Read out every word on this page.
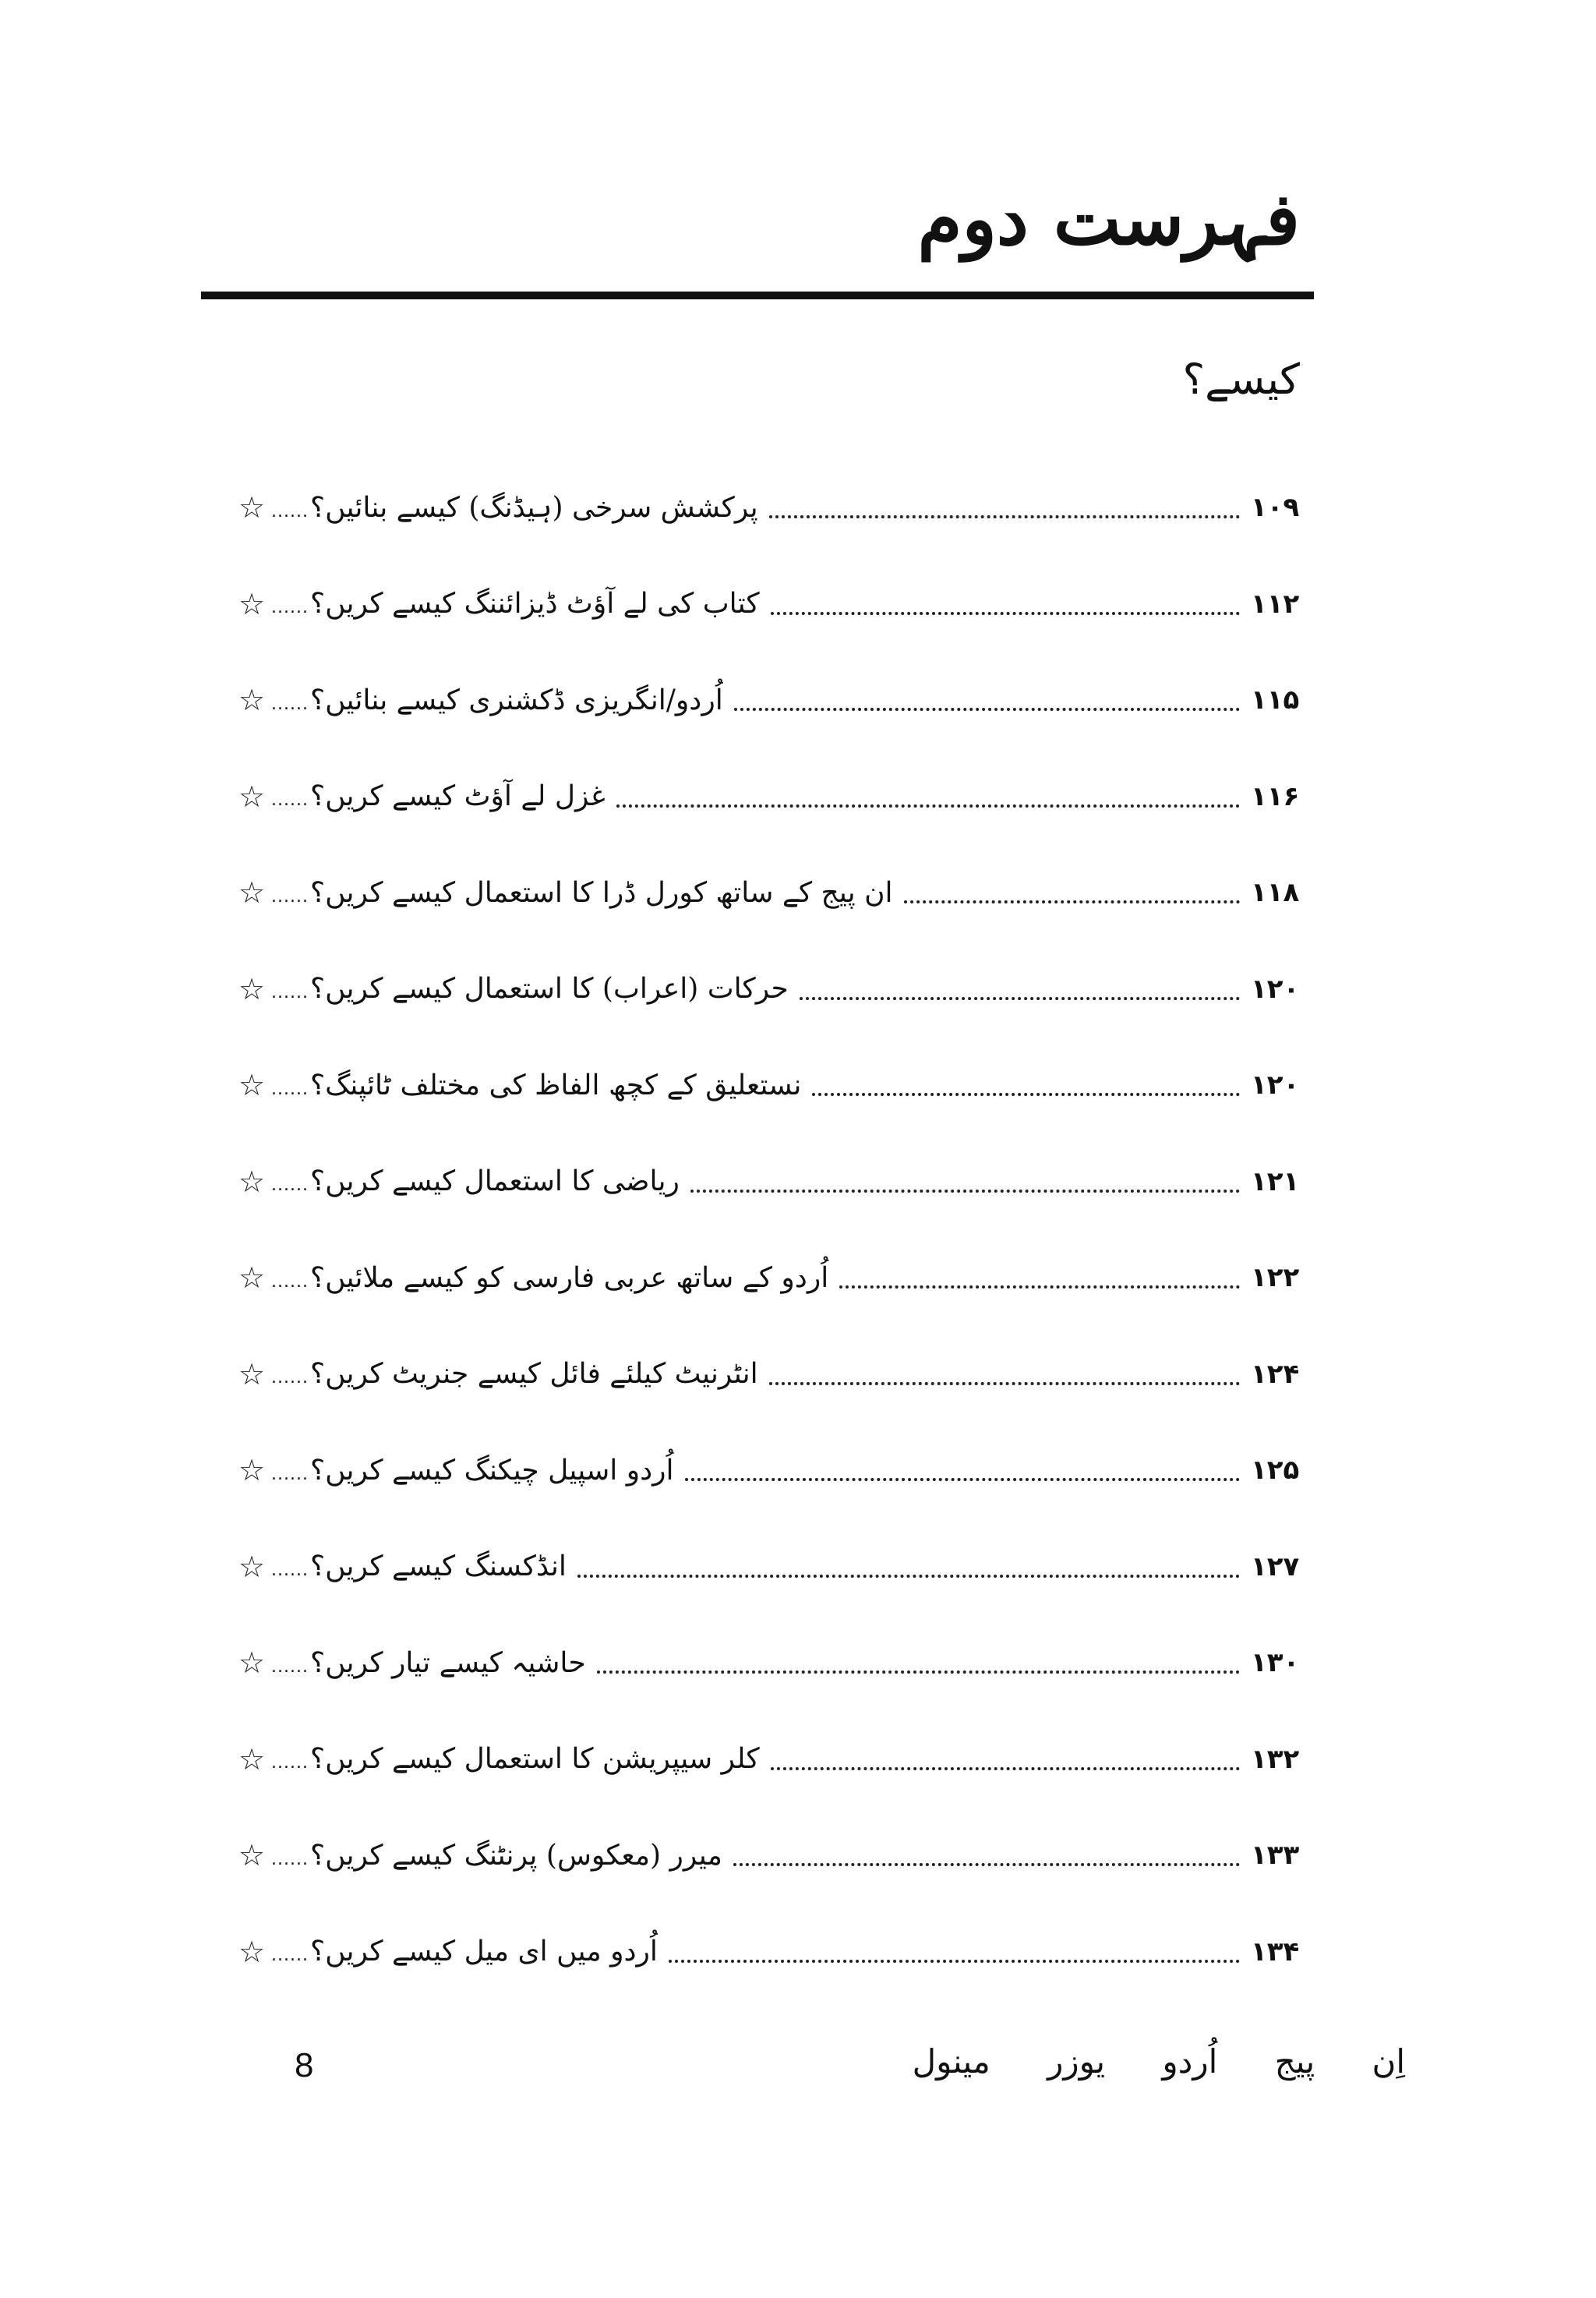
فہرست دوم
کیسے؟
☆ ...... پرکشش سرخی (ہیڈنگ) کیسے بنائیں؟	۱۰۹
☆ ...... کتاب کی لے آؤٹ ڈیزائننگ کیسے کریں؟	۱۱۲
☆ ...... اُردو/انگریزی ڈکشنری کیسے بنائیں؟	۱۱۵
☆ ...... غزل لے آؤٹ کیسے کریں؟	۱۱۶
☆ ...... ان پیج کے ساتھ کورل ڈرا کا استعمال کیسے کریں؟	۱۱۸
☆ ...... حرکات (اعراب) کا استعمال کیسے کریں؟	۱۲۰
☆ ...... نستعلیق کے کچھ الفاظ کی مختلف ٹائپنگ؟	۱۲۰
☆ ...... ریاضی کا استعمال کیسے کریں؟	۱۲۱
☆ ...... اُردو کے ساتھ عربی فارسی کو کیسے ملائیں؟	۱۲۲
☆ ...... انٹرنیٹ کیلئے فائل کیسے جنریٹ کریں؟	۱۲۴
☆ ...... اُردو اسپیل چیکنگ کیسے کریں؟	۱۲۵
☆ ...... انڈکسنگ کیسے کریں؟	۱۲۷
☆ ...... حاشیہ کیسے تیار کریں؟	۱۳۰
☆ ...... کلر سیپریشن کا استعمال کیسے کریں؟	۱۳۲
☆ ...... میرر (معکوس) پرنٹنگ کیسے کریں؟	۱۳۳
☆ ...... اُردو میں ای میل کیسے کریں؟	۱۳۴
8	اِن پیج اُردو یوزر مینول
